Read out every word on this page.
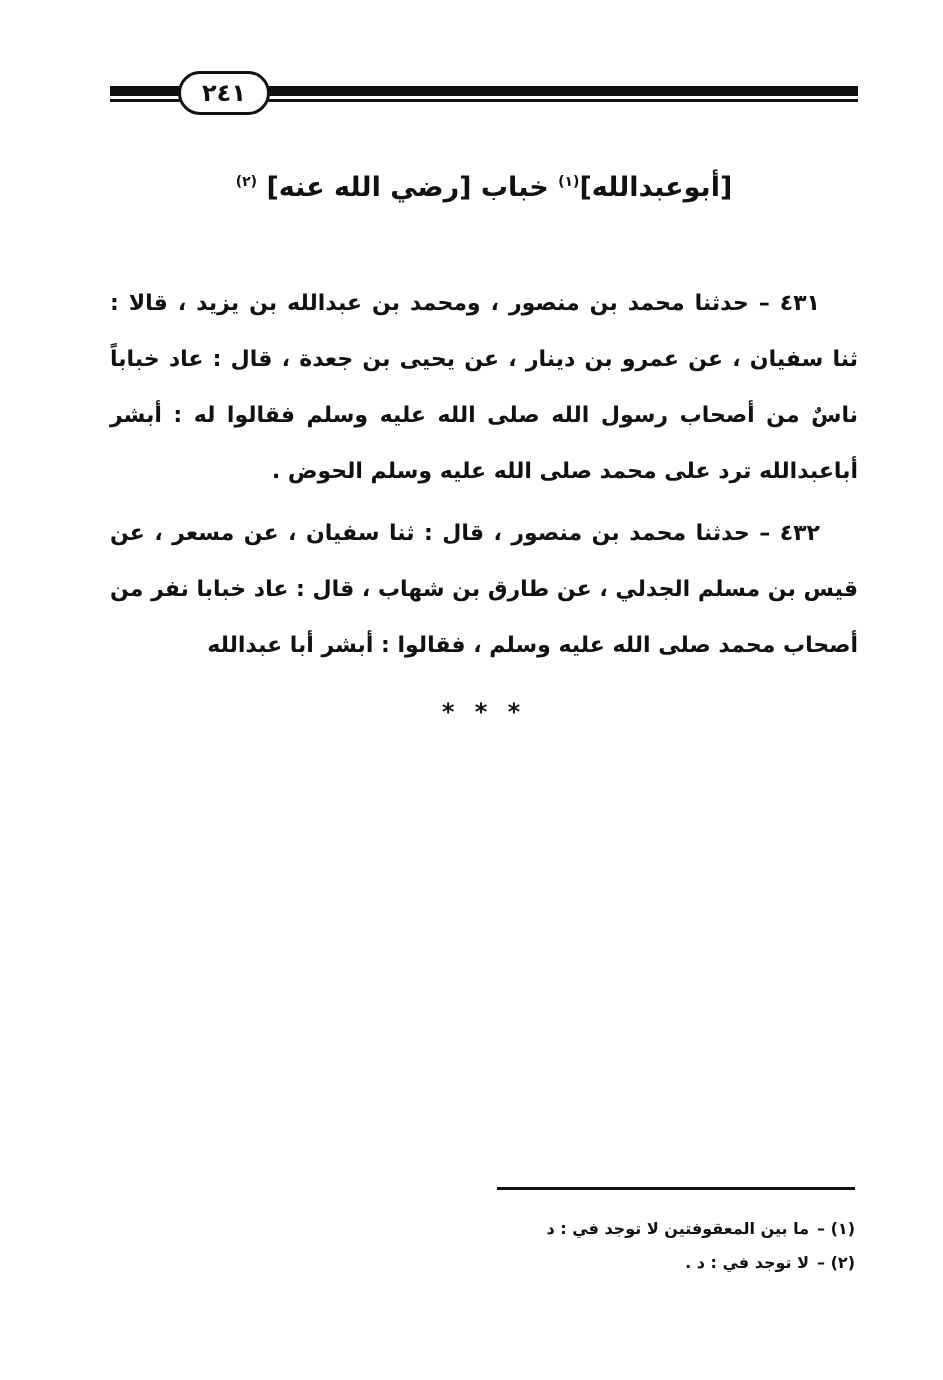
٢٤١
[أبوعبدالله]$^{(١)}$ خباب [رضي الله عنه] $^{(٢)}$

٤٣١ – حدثنا محمد بن منصور ، ومحمد بن عبدالله بن يزيد ، قالا : ثنا سفيان ، عن عمرو بن دينار ، عن يحيى بن جعدة ، قال : عاد خباباً ناسٌ من أصحاب رسول الله صلى الله عليه وسلم فقالوا له : أبشر أباعبدالله ترد على محمد صلى الله عليه وسلم الحوض .

٤٣٢ – حدثنا محمد بن منصور ، قال : ثنا سفيان ، عن مسعر ، عن قيس بن مسلم الجدلي ، عن طارق بن شهاب ، قال : عاد خبابا نفر من أصحاب محمد صلى الله عليه وسلم ، فقالوا : أبشر أبا عبدالله

* * *
(١) –ما بين المعقوفتين لا توجد في : د
(٢) –لا توجد في : د .
